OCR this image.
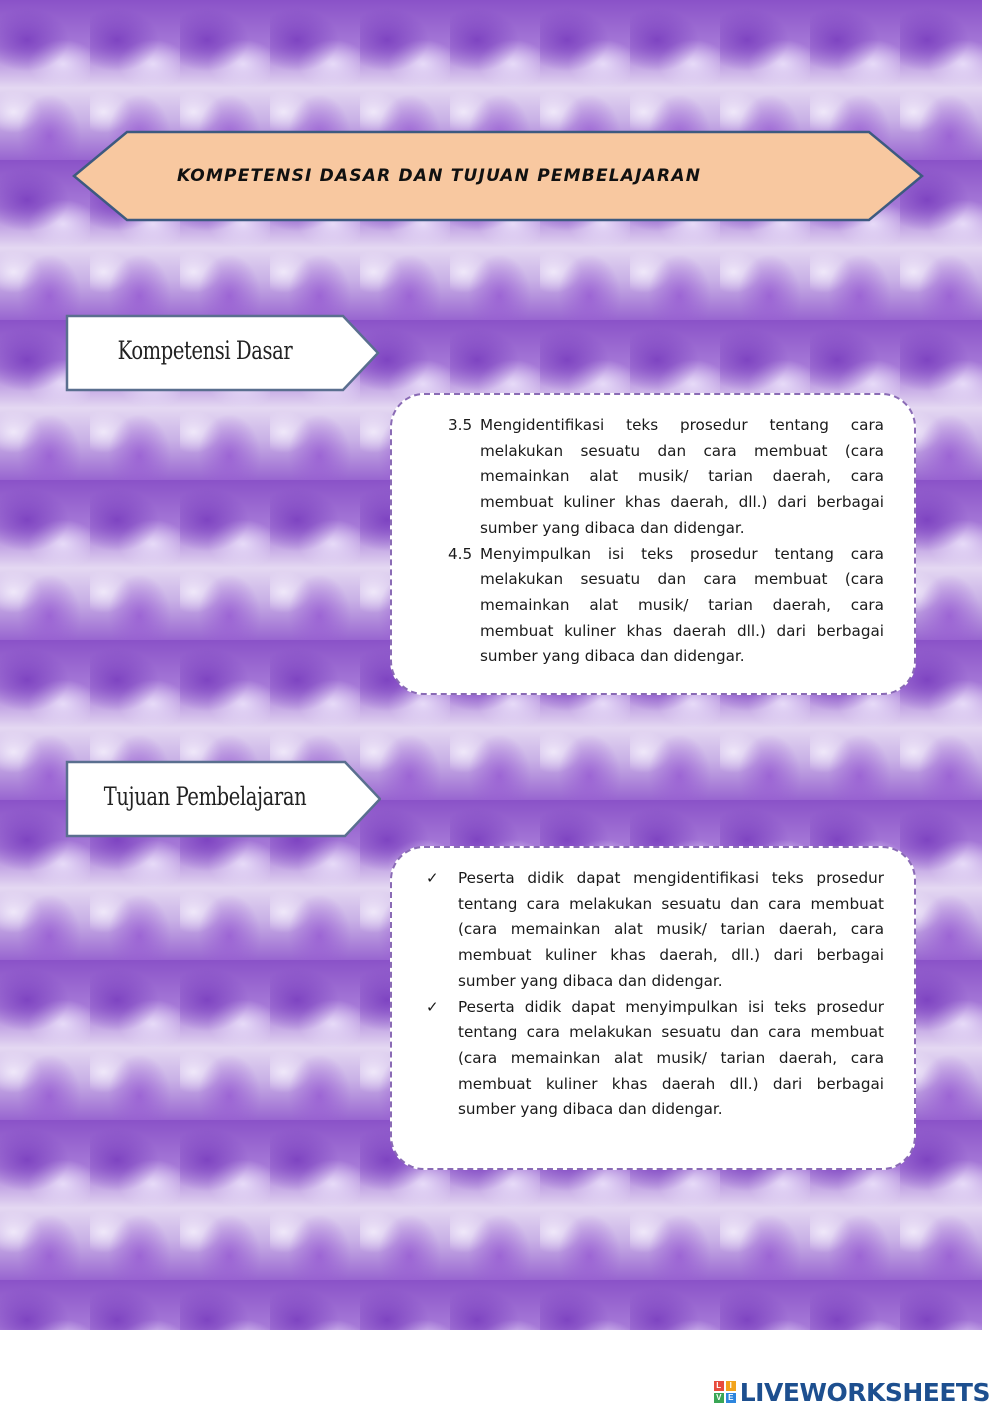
KOMPETENSI DASAR DAN TUJUAN PEMBELAJARAN
Kompetensi Dasar
3.5 Mengidentifikasi teks prosedur tentang cara melakukan sesuatu dan cara membuat (cara memainkan alat musik/ tarian daerah, cara membuat kuliner khas daerah, dll.) dari berbagai sumber yang dibaca dan didengar.
4.5 Menyimpulkan isi teks prosedur tentang cara melakukan sesuatu dan cara membuat (cara memainkan alat musik/ tarian daerah, cara membuat kuliner khas daerah dll.) dari berbagai sumber yang dibaca dan didengar.
Tujuan Pembelajaran
✓	Peserta didik dapat mengidentifikasi teks prosedur tentang cara melakukan sesuatu dan cara membuat (cara memainkan alat musik/ tarian daerah, cara membuat kuliner khas daerah, dll.) dari berbagai sumber yang dibaca dan didengar.
✓	Peserta didik dapat menyimpulkan isi teks prosedur tentang cara melakukan sesuatu dan cara membuat (cara memainkan alat musik/ tarian daerah, cara membuat kuliner khas daerah dll.) dari berbagai sumber yang dibaca dan didengar.
L	I
V E LIVEWORKSHEETS
